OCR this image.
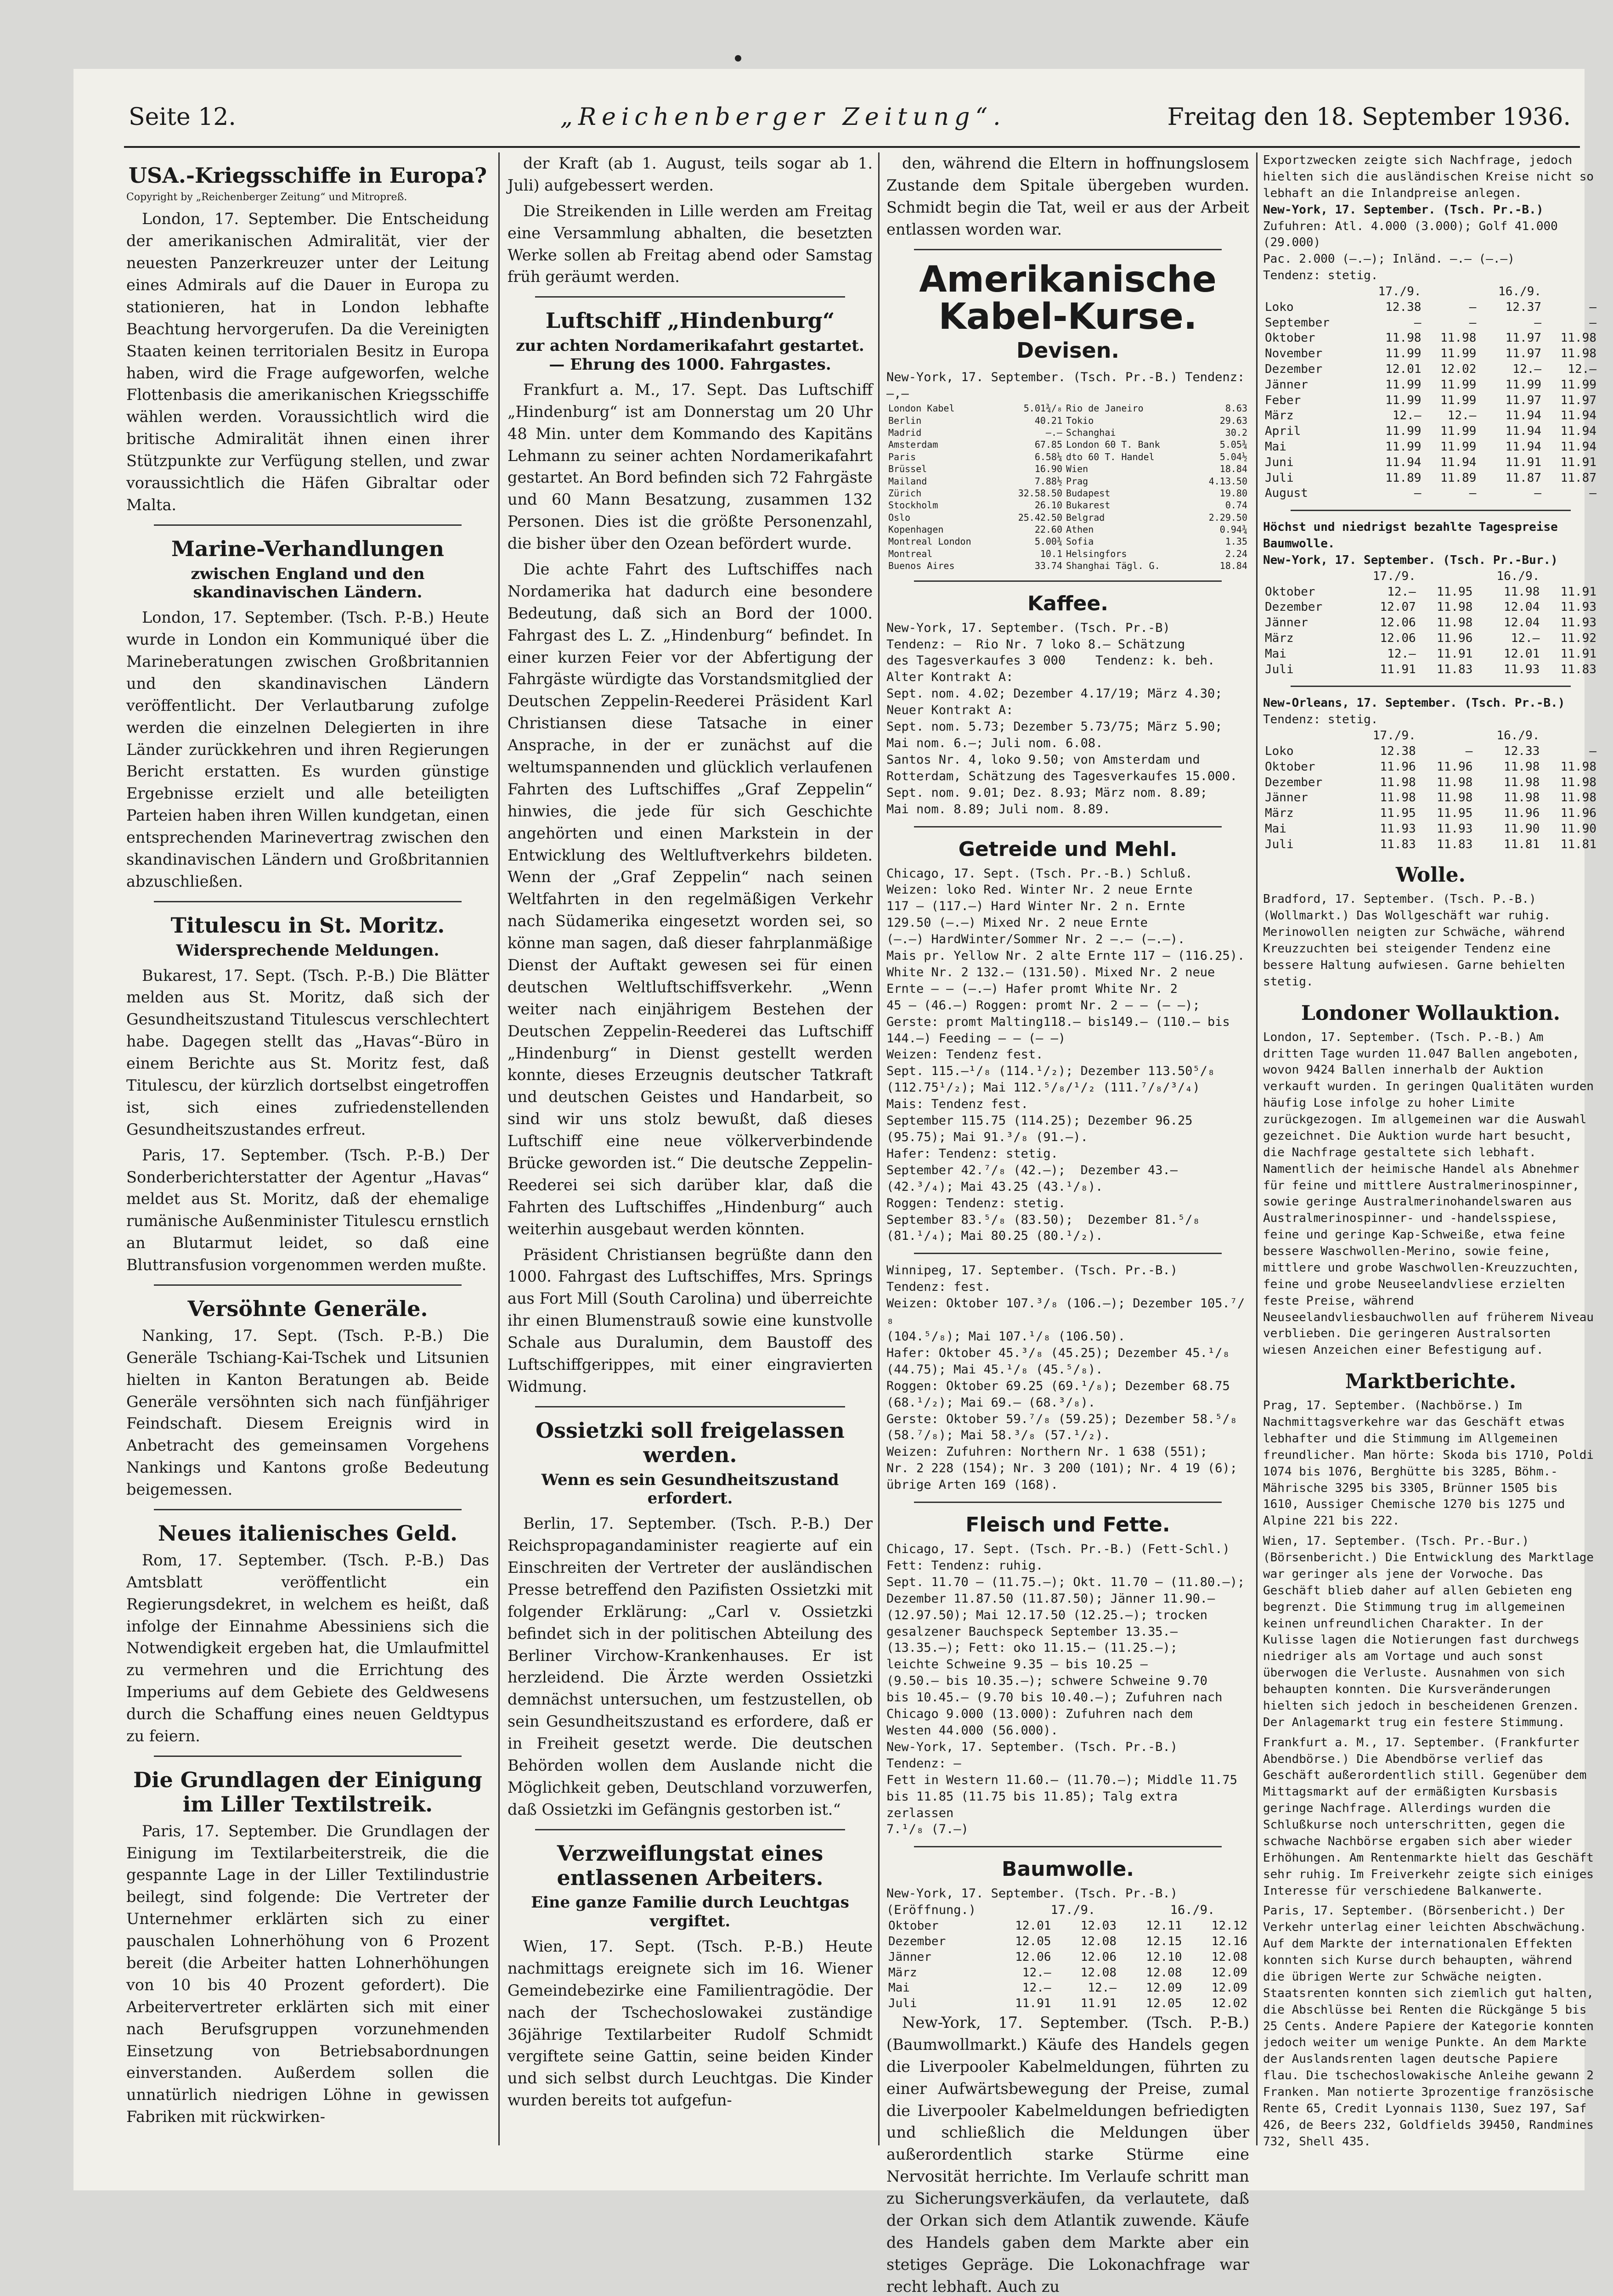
Seite 12.	„Reichenberger Zeitung“.	Freitag den 18. September 1936.
USA.-Kriegsschiffe in Europa?

Copyright by „Reichenberger Zeitung“ und Mitropreß.

London, 17. September. Die Entscheidung der amerikanischen Admiralität, vier der neuesten Panzerkreuzer unter der Leitung eines Admirals auf die Dauer in Europa zu stationieren, hat in London lebhafte Beachtung hervorgerufen. Da die Vereinigten Staaten keinen territorialen Besitz in Europa haben, wird die Frage aufgeworfen, welche Flottenbasis die amerikanischen Kriegsschiffe wählen werden. Voraussichtlich wird die britische Admiralität ihnen einen ihrer Stützpunkte zur Verfügung stellen, und zwar voraussichtlich die Häfen Gibraltar oder Malta.

Marine-Verhandlungen
zwischen England und den skandinavischen Ländern.

London, 17. September. (Tsch. P.-B.) Heute wurde in London ein Kommuniqué über die Marineberatungen zwischen Großbritannien und den skandinavischen Ländern veröffentlicht. Der Verlautbarung zufolge werden die einzelnen Delegierten in ihre Länder zurückkehren und ihren Regierungen Bericht erstatten. Es wurden günstige Ergebnisse erzielt und alle beteiligten Parteien haben ihren Willen kundgetan, einen entsprechenden Marinevertrag zwischen den skandinavischen Ländern und Großbritannien abzuschließen.

Titulescu in St. Moritz.
Widersprechende Meldungen.

Bukarest, 17. Sept. (Tsch. P.-B.) Die Blätter melden aus St. Moritz, daß sich der Gesundheitszustand Titulescus verschlechtert habe. Dagegen stellt das „Havas“-Büro in einem Berichte aus St. Moritz fest, daß Titulescu, der kürzlich dortselbst eingetroffen ist, sich eines zufriedenstellenden Gesundheitszustandes erfreut.

Paris, 17. September. (Tsch. P.-B.) Der Sonderberichterstatter der Agentur „Havas“ meldet aus St. Moritz, daß der ehemalige rumänische Außenminister Titulescu ernstlich an Blutarmut leidet, so daß eine Bluttransfusion vorgenommen werden mußte.

Versöhnte Generäle.

Nanking, 17. Sept. (Tsch. P.-B.) Die Generäle Tschiang-Kai-Tschek und Litsunien hielten in Kanton Beratungen ab. Beide Generäle versöhnten sich nach fünfjähriger Feindschaft. Diesem Ereignis wird in Anbetracht des gemeinsamen Vorgehens Nankings und Kantons große Bedeutung beigemessen.

Neues italienisches Geld.

Rom, 17. September. (Tsch. P.-B.) Das Amtsblatt veröffentlicht ein Regierungsdekret, in welchem es heißt, daß infolge der Einnahme Abessiniens sich die Notwendigkeit ergeben hat, die Umlaufmittel zu vermehren und die Errichtung des Imperiums auf dem Gebiete des Geldwesens durch die Schaffung eines neuen Geldtypus zu feiern.

Die Grundlagen der Einigung im Liller Textilstreik.

Paris, 17. September. Die Grundlagen der Einigung im Textilarbeiterstreik, die die gespannte Lage in der Liller Textilindustrie beilegt, sind folgende: Die Vertreter der Unternehmer erklärten sich zu einer pauschalen Lohnerhöhung von 6 Prozent bereit (die Arbeiter hatten Lohnerhöhungen von 10 bis 40 Prozent gefordert). Die Arbeitervertreter erklärten sich mit einer nach Berufsgruppen vorzunehmenden Einsetzung von Betriebsabordnungen einverstanden. Außerdem sollen die unnatürlich niedrigen Löhne in gewissen Fabriken mit rückwirken-

der Kraft (ab 1. August, teils sogar ab 1. Juli) aufgebessert werden.

Die Streikenden in Lille werden am Freitag eine Versammlung abhalten, die besetzten Werke sollen ab Freitag abend oder Samstag früh geräumt werden.

Luftschiff „Hindenburg“
zur achten Nordamerikafahrt gestartet. — Ehrung des 1000. Fahrgastes.

Frankfurt a. M., 17. Sept. Das Luftschiff „Hindenburg“ ist am Donnerstag um 20 Uhr 48 Min. unter dem Kommando des Kapitäns Lehmann zu seiner achten Nordamerikafahrt gestartet. An Bord befinden sich 72 Fahrgäste und 60 Mann Besatzung, zusammen 132 Personen. Dies ist die größte Personenzahl, die bisher über den Ozean befördert wurde.

Die achte Fahrt des Luftschiffes nach Nordamerika hat dadurch eine besondere Bedeutung, daß sich an Bord der 1000. Fahrgast des L. Z. „Hindenburg“ befindet. In einer kurzen Feier vor der Abfertigung der Fahrgäste würdigte das Vorstandsmitglied der Deutschen Zeppelin-Reederei Präsident Karl Christiansen diese Tatsache in einer Ansprache, in der er zunächst auf die weltumspannenden und glücklich verlaufenen Fahrten des Luftschiffes „Graf Zeppelin“ hinwies, die jede für sich Geschichte angehörten und einen Markstein in der Entwicklung des Weltluftverkehrs bildeten. Wenn der „Graf Zeppelin“ nach seinen Weltfahrten in den regelmäßigen Verkehr nach Südamerika eingesetzt worden sei, so könne man sagen, daß dieser fahrplanmäßige Dienst der Auftakt gewesen sei für einen deutschen Weltluftschiffsverkehr. „Wenn weiter nach einjährigem Bestehen der Deutschen Zeppelin-Reederei das Luftschiff „Hindenburg“ in Dienst gestellt werden konnte, dieses Erzeugnis deutscher Tatkraft und deutschen Geistes und Handarbeit, so sind wir uns stolz bewußt, daß dieses Luftschiff eine neue völkerverbindende Brücke geworden ist.“ Die deutsche Zeppelin-Reederei sei sich darüber klar, daß die Fahrten des Luftschiffes „Hindenburg“ auch weiterhin ausgebaut werden könnten.

Präsident Christiansen begrüßte dann den 1000. Fahrgast des Luftschiffes, Mrs. Springs aus Fort Mill (South Carolina) und überreichte ihr einen Blumenstrauß sowie eine kunstvolle Schale aus Duralumin, dem Baustoff des Luftschiffgerippes, mit einer eingravierten Widmung.

Ossietzki soll freigelassen werden.
Wenn es sein Gesundheitszustand erfordert.

Berlin, 17. September. (Tsch. P.-B.) Der Reichspropagandaminister reagierte auf ein Einschreiten der Vertreter der ausländischen Presse betreffend den Pazifisten Ossietzki mit folgender Erklärung: „Carl v. Ossietzki befindet sich in der politischen Abteilung des Berliner Virchow-Krankenhauses. Er ist herzleidend. Die Ärzte werden Ossietzki demnächst untersuchen, um festzustellen, ob sein Gesundheitszustand es erfordere, daß er in Freiheit gesetzt werde. Die deutschen Behörden wollen dem Auslande nicht die Möglichkeit geben, Deutschland vorzuwerfen, daß Ossietzki im Gefängnis gestorben ist.“

Verzweiflungstat eines entlassenen Arbeiters.
Eine ganze Familie durch Leuchtgas vergiftet.

Wien, 17. Sept. (Tsch. P.-B.) Heute nachmittags ereignete sich im 16. Wiener Gemeindebezirke eine Familientragödie. Der nach der Tschechoslowakei zuständige 36jährige Textilarbeiter Rudolf Schmidt vergiftete seine Gattin, seine beiden Kinder und sich selbst durch Leuchtgas. Die Kinder wurden bereits tot aufgefun-

den, während die Eltern in hoffnungslosem Zustande dem Spitale übergeben wurden. Schmidt begin die Tat, weil er aus der Arbeit entlassen worden war.

Amerikanische Kabel-Kurse.
Devisen.

New-York, 17. September. (Tsch. Pr.-B.) Tendenz: —,—

London Kabel	5.01¾/₈	Rio de Janeiro	8.63
Berlin	40.21	Tokio	29.63
Madrid	—.—	Schanghai	30.2
Amsterdam	67.85	London 60 T. Bank	5.05¾
Paris	6.58¼	dto 60 T. Handel	5.04½
Brüssel	16.90	Wien	18.84
Mailand	7.88½	Prag	4.13.50
Zürich	32.58.50	Budapest	19.80
Stockholm	26.10	Bukarest	0.74
Oslo	25.42.50	Belgrad	2.29.50
Kopenhagen	22.60	Athen	0.94¾
Montreal London	5.00¾	Sofia	1.35
Montreal	10.1	Helsingfors	2.24
Buenos Aires	33.74	Shanghai Tägl. G.	18.84
Kaffee.

New-York, 17. September. (Tsch. Pr.-B)

Tendenz: —  Rio Nr. 7 loko 8.— Schätzung

des Tagesverkaufes 3 000    Tendenz: k. beh.

Alter Kontrakt A:

Sept. nom. 4.02; Dezember 4.17/19; März 4.30;

Neuer Kontrakt A:

Sept. nom. 5.73; Dezember 5.73/75; März 5.90;

Mai nom. 6.—; Juli nom. 6.08.

Santos Nr. 4, loko 9.50; von Amsterdam und

Rotterdam, Schätzung des Tagesverkaufes 15.000.

Sept. nom. 9.01; Dez. 8.93; März nom. 8.89;

Mai nom. 8.89; Juli nom. 8.89.

Getreide und Mehl.

Chicago, 17. Sept. (Tsch. Pr.-B.) Schluß.

Weizen: loko Red. Winter Nr. 2 neue Ernte

117 — (117.—) Hard Winter Nr. 2 n. Ernte

129.50 (—.—) Mixed Nr. 2 neue Ernte

(—.—) HardWinter/Sommer Nr. 2 —.— (—.—).

Mais pr. Yellow Nr. 2 alte Ernte 117 — (116.25).

White Nr. 2 132.— (131.50). Mixed Nr. 2 neue

Ernte — — (—.—) Hafer promt White Nr. 2

45 — (46.—) Roggen: promt Nr. 2 — — (— —);

Gerste: promt Malting118.— bis149.— (110.— bis

144.—) Feeding — — (— —)

Weizen: Tendenz fest.

Sept. 115.—¹/₈ (114.¹/₂); Dezember 113.50⁵/₈

(112.75¹/₂); Mai 112.⁵/₈/¹/₂ (111.⁷/₈/³/₄)

Mais: Tendenz fest.

September 115.75 (114.25); Dezember 96.25

(95.75); Mai 91.³/₈ (91.—).

Hafer: Tendenz: stetig.

September 42.⁷/₈ (42.—);  Dezember 43.—

(42.³/₄); Mai 43.25 (43.¹/₈).

Roggen: Tendenz: stetig.

September 83.⁵/₈ (83.50);  Dezember 81.⁵/₈

(81.¹/₄); Mai 80.25 (80.¹/₂).

Winnipeg, 17. September. (Tsch. Pr.-B.)

Tendenz: fest.

Weizen: Oktober 107.³/₈ (106.—); Dezember 105.⁷/₈

(104.⁵/₈); Mai 107.¹/₈ (106.50).

Hafer: Oktober 45.³/₈ (45.25); Dezember 45.¹/₈

(44.75); Mai 45.¹/₈ (45.⁵/₈).

Roggen: Oktober 69.25 (69.¹/₈); Dezember 68.75

(68.¹/₂); Mai 69.— (68.³/₈).

Gerste: Oktober 59.⁷/₈ (59.25); Dezember 58.⁵/₈

(58.⁷/₈); Mai 58.³/₈ (57.¹/₂).

Weizen: Zufuhren: Northern Nr. 1 638 (551);

Nr. 2 228 (154); Nr. 3 200 (101); Nr. 4 19 (6);

übrige Arten 169 (168).

Fleisch und Fette.

Chicago, 17. Sept. (Tsch. Pr.-B.) (Fett-Schl.)

Fett: Tendenz: ruhig.

Sept. 11.70 — (11.75.—); Okt. 11.70 — (11.80.—);

Dezember 11.87.50 (11.87.50); Jänner 11.90.—

(12.97.50); Mai 12.17.50 (12.25.—); trocken

gesalzener Bauchspeck September 13.35.—

(13.35.—); Fett: oko 11.15.— (11.25.—);

leichte Schweine 9.35 — bis 10.25 —

(9.50.— bis 10.35.—); schwere Schweine 9.70

bis 10.45.— (9.70 bis 10.40.—); Zufuhren nach

Chicago 9.000 (13.000): Zufuhren nach dem

Westen 44.000 (56.000).

New-York, 17. September. (Tsch. Pr.-B.)

Tendenz: —

Fett in Western 11.60.— (11.70.—); Middle 11.75

bis 11.85 (11.75 bis 11.85); Talg extra zerlassen

7.¹/₈ (7.—)

Baumwolle.

New-York, 17. September. (Tsch. Pr.-B.)

(Eröffnung.)          17./9.          16./9.

Oktober	12.01	12.03	12.11	12.12
Dezember	12.05	12.08	12.15	12.16
Jänner	12.06	12.06	12.10	12.08
März	12.—	12.08	12.08	12.09
Mai	12.—	12.—	12.09	12.09
Juli	11.91	11.91	12.05	12.02

New-York, 17. September. (Tsch. P.-B.) (Baumwollmarkt.) Käufe des Handels gegen die Liverpooler Kabelmeldungen, führten zu einer Aufwärtsbewegung der Preise, zumal die Liverpooler Kabelmeldungen befriedigten und schließlich die Meldungen über außerordentlich starke Stürme eine Nervosität herrichte. Im Verlaufe schritt man zu Sicherungsverkäufen, da verlautete, daß der Orkan sich dem Atlantik zuwende. Käufe des Handels gaben dem Markte aber ein stetiges Gepräge. Die Lokonachfrage war recht lebhaft. Auch zu

Exportzwecken zeigte sich Nachfrage, jedoch hielten sich die ausländischen Kreise nicht so lebhaft an die Inlandpreise anlegen.

New-York, 17. September. (Tsch. Pr.-B.)

Zufuhren: Atl. 4.000 (3.000); Golf 41.000 (29.000)

Pac. 2.000 (—.—); Inländ. —.— (—.—)

Tendenz: stetig.

	17./9.		16./9.	
Loko	12.38	—	12.37	—
September	—	—	—	—
Oktober	11.98	11.98	11.97	11.98
November	11.99	11.99	11.97	11.98
Dezember	12.01	12.02	12.—	12.—
Jänner	11.99	11.99	11.99	11.99
Feber	11.99	11.99	11.97	11.97
März	12.—	12.—	11.94	11.94
April	11.99	11.99	11.94	11.94
Mai	11.99	11.99	11.94	11.94
Juni	11.94	11.94	11.91	11.91
Juli	11.89	11.89	11.87	11.87
August	—	—	—	—

Höchst und niedrigst bezahlte Tagespreise Baumwolle.

New-York, 17. September. (Tsch. Pr.-Bur.)

	17./9.		16./9.	
Oktober	12.—	11.95	11.98	11.91
Dezember	12.07	11.98	12.04	11.93
Jänner	12.06	11.98	12.04	11.93
März	12.06	11.96	12.—	11.92
Mai	12.—	11.91	12.01	11.91
Juli	11.91	11.83	11.93	11.83

New-Orleans, 17. September. (Tsch. Pr.-B.)

Tendenz: stetig.

	17./9.		16./9.	
Loko	12.38	—	12.33	—
Oktober	11.96	11.96	11.98	11.98
Dezember	11.98	11.98	11.98	11.98
Jänner	11.98	11.98	11.98	11.98
März	11.95	11.95	11.96	11.96
Mai	11.93	11.93	11.90	11.90
Juli	11.83	11.83	11.81	11.81
Wolle.

Bradford, 17. September. (Tsch. P.-B.) (Wollmarkt.) Das Wollgeschäft war ruhig. Merinowollen neigten zur Schwäche, während Kreuzzuchten bei steigender Tendenz eine bessere Haltung aufwiesen. Garne behielten stetig.

Londoner Wollauktion.

London, 17. September. (Tsch. P.-B.) Am dritten Tage wurden 11.047 Ballen angeboten, wovon 9424 Ballen innerhalb der Auktion verkauft wurden. In geringen Qualitäten wurden häufig Lose infolge zu hoher Limite zurückgezogen. Im allgemeinen war die Auswahl gezeichnet. Die Auktion wurde hart besucht, die Nachfrage gestaltete sich lebhaft. Namentlich der heimische Handel als Abnehmer für feine und mittlere Australmerinospinner, sowie geringe Australmerinohandelswaren aus Australmerinospinner- und -handelsspiese, feine und geringe Kap-Schweiße, etwa feine bessere Waschwollen-Merino, sowie feine, mittlere und grobe Waschwollen-Kreuzzuchten, feine und grobe Neuseelandvliese erzielten feste Preise, während Neuseelandvliesbauchwollen auf früherem Niveau verblieben. Die geringeren Australsorten wiesen Anzeichen einer Befestigung auf.

Marktberichte.

Prag, 17. September. (Nachbörse.) Im Nachmittagsverkehre war das Geschäft etwas lebhafter und die Stimmung im Allgemeinen freundlicher. Man hörte: Skoda bis 1710, Poldi 1074 bis 1076, Berghütte bis 3285, Böhm.-Mährische 3295 bis 3305, Brünner 1505 bis 1610, Aussiger Chemische 1270 bis 1275 und Alpine 221 bis 222.

Wien, 17. September. (Tsch. Pr.-Bur.) (Börsenbericht.) Die Entwicklung des Marktlage war geringer als jene der Vorwoche. Das Geschäft blieb daher auf allen Gebieten eng begrenzt. Die Stimmung trug im allgemeinen keinen unfreundlichen Charakter. In der Kulisse lagen die Notierungen fast durchwegs niedriger als am Vortage und auch sonst überwogen die Verluste. Ausnahmen von sich behaupten konnten. Die Kursveränderungen hielten sich jedoch in bescheidenen Grenzen. Der Anlagemarkt trug ein festere Stimmung.

Frankfurt a. M., 17. September. (Frankfurter Abendbörse.) Die Abendbörse verlief das Geschäft außerordentlich still. Gegenüber dem Mittagsmarkt auf der ermäßigten Kursbasis geringe Nachfrage. Allerdings wurden die Schlußkurse noch unterschritten, gegen die schwache Nachbörse ergaben sich aber wieder Erhöhungen. Am Rentenmarkte hielt das Geschäft sehr ruhig. Im Freiverkehr zeigte sich einiges Interesse für verschiedene Balkanwerte.

Paris, 17. September. (Börsenbericht.) Der Verkehr unterlag einer leichten Abschwächung. Auf dem Markte der internationalen Effekten konnten sich Kurse durch behaupten, während die übrigen Werte zur Schwäche neigten. Staatsrenten konnten sich ziemlich gut halten, die Abschlüsse bei Renten die Rückgänge 5 bis 25 Cents. Andere Papiere der Kategorie konnten jedoch weiter um wenige Punkte. An dem Markte der Auslandsrenten lagen deutsche Papiere flau. Die tschechoslowakische Anleihe gewann 2 Franken. Man notierte 3prozentige französische Rente 65, Credit Lyonnais 1130, Suez 197, Saf 426, de Beers 232, Goldfields 39450, Randmines 732, Shell 435.
